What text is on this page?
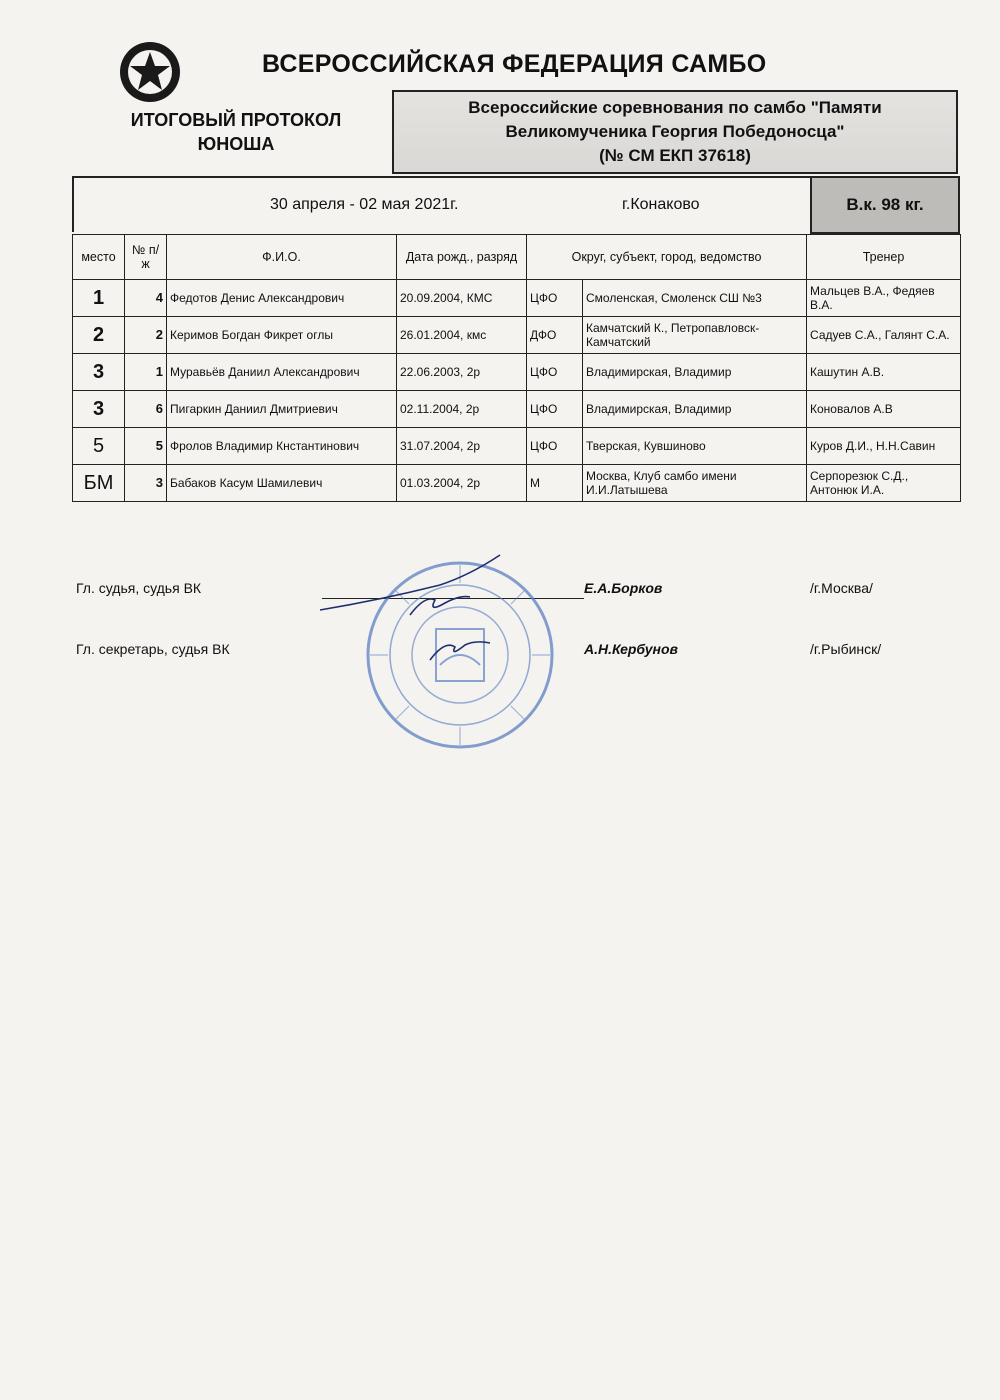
ВСЕРОССИЙСКАЯ ФЕДЕРАЦИЯ САМБО
ИТОГОВЫЙ ПРОТОКОЛ
ЮНОША
Всероссийские соревнования по самбо "Памяти
Великомученика Георгия Победоносца"
(№ СМ ЕКП 37618)
30 апреля - 02 мая 2021г.	г.Конаково	В.к. 98 кг.
место	№ п/ж	Ф.И.О.	Дата рожд., разряд	Округ, субъект, город, ведомство		Тренер
1	4	Федотов Денис Александрович	20.09.2004, КМС	ЦФО	Смоленская, Смоленск СШ №3	Мальцев В.А., Федяев В.А.
2	2	Керимов Богдан Фикрет оглы	26.01.2004, кмс	ДФО	Камчатский К., Петропавловск-Камчатский	Садуев С.А., Галянт С.А.
3	1	Муравьёв Даниил Александрович	22.06.2003, 2р	ЦФО	Владимирская, Владимир	Кашутин А.В.
3	6	Пигаркин Даниил Дмитриевич	02.11.2004, 2р	ЦФО	Владимирская, Владимир	Коновалов А.В
5	5	Фролов Владимир Кнстантинович	31.07.2004, 2р	ЦФО	Тверская, Кувшиново	Куров Д.И., Н.Н.Савин
БМ	3	Бабаков Касум Шамилевич	01.03.2004, 2р	М	Москва, Клуб самбо имени И.И.Латышева	Серпорезюк С.Д., Антонюк И.А.
Гл. судья, судья ВК	Е.А.Борков	/г.Москва/
Гл. секретарь, судья ВК	А.Н.Кербунов	/г.Рыбинск/
